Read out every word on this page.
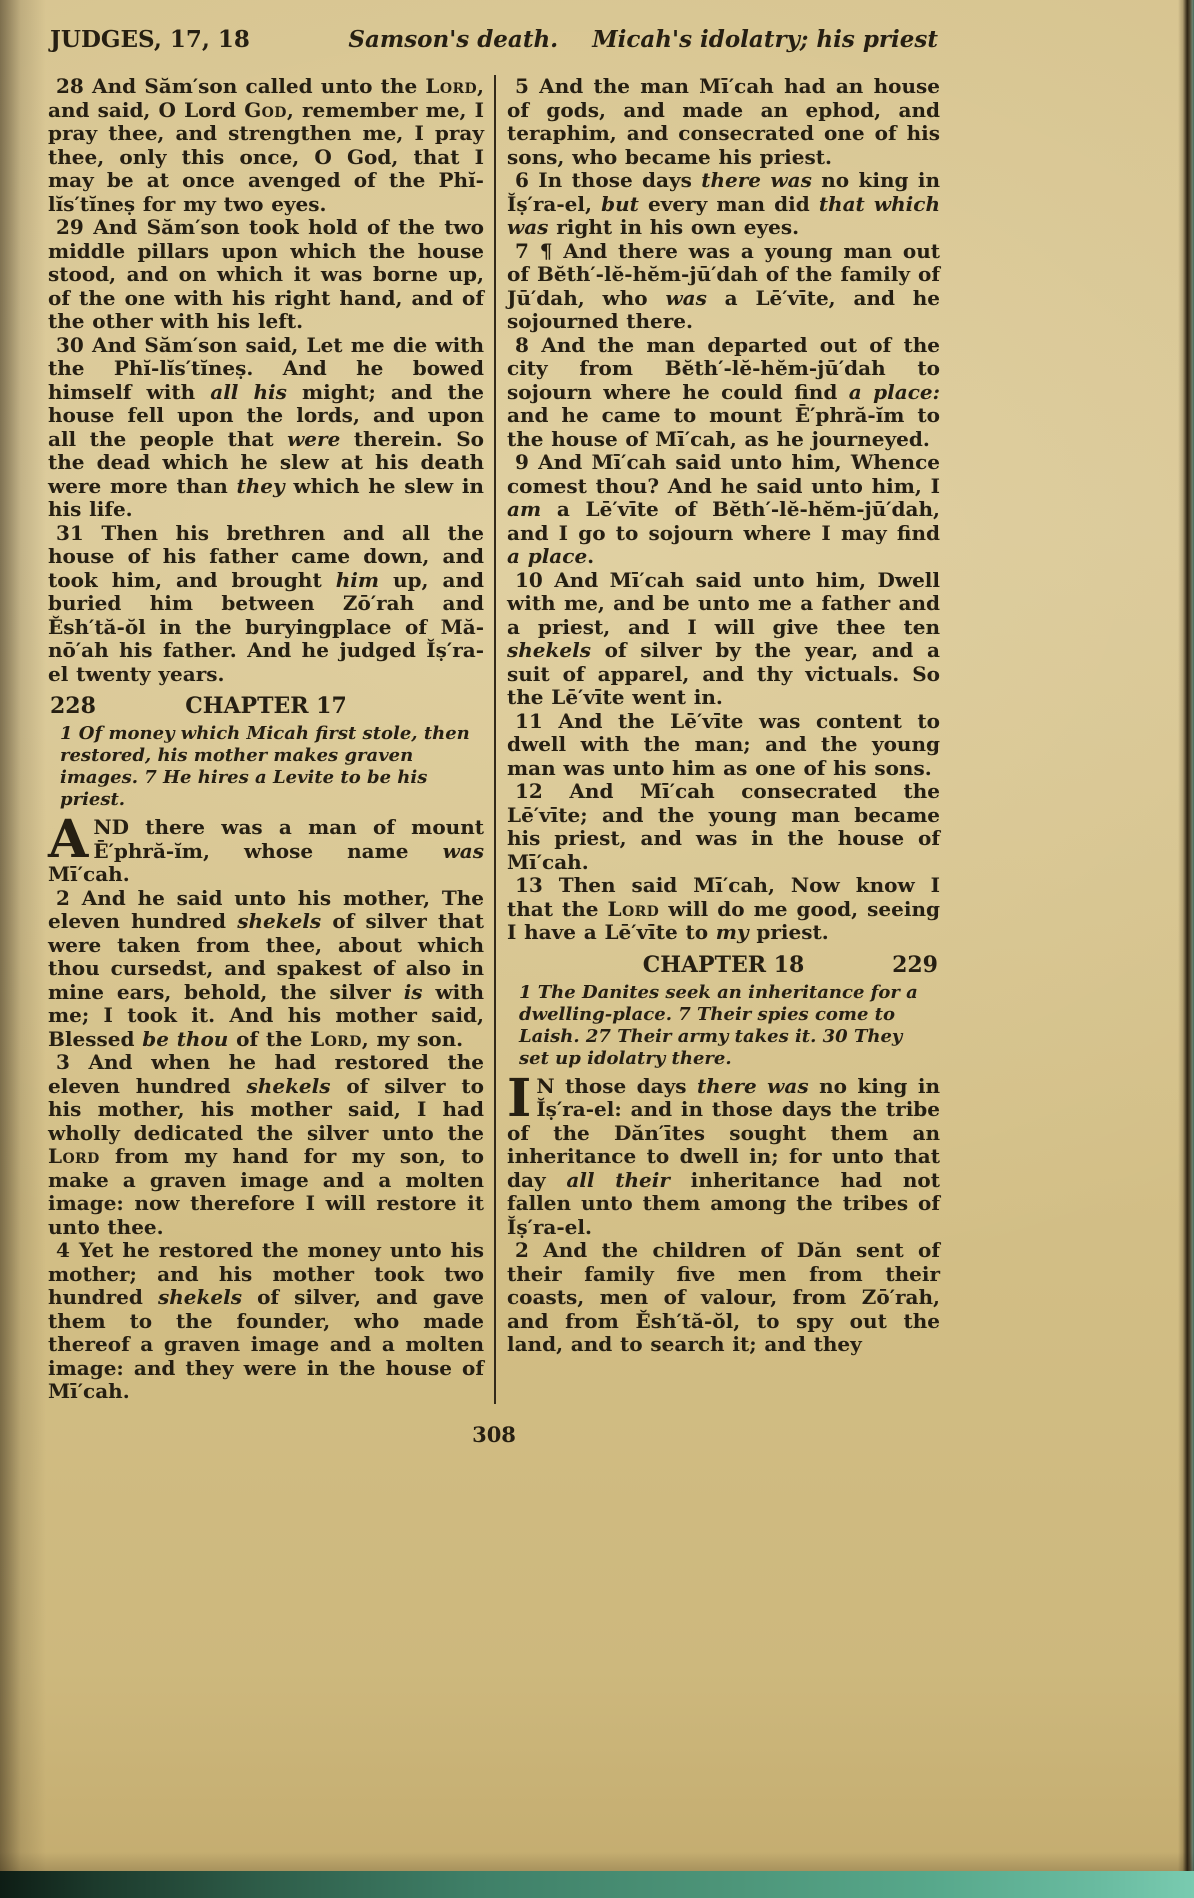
JUDGES, 17, 18	Samson's death. Micah's idolatry; his priest

28 And Săm′son called unto the Lord, and said, O Lord God, remember me, I pray thee, and strengthen me, I pray thee, only this once, O God, that I may be at once avenged of the Phĭ-lĭs′tĭneṣ for my two eyes.

29 And Săm′son took hold of the two middle pillars upon which the house stood, and on which it was borne up, of the one with his right hand, and of the other with his left.

30 And Săm′son said, Let me die with the Phĭ-lĭs′tĭneṣ. And he bowed himself with all his might; and the house fell upon the lords, and upon all the people that were therein. So the dead which he slew at his death were more than they which he slew in his life.

31 Then his brethren and all the house of his father came down, and took him, and brought him up, and buried him between Zō′rah and Ĕsh′tă-ŏl in the buryingplace of Mă-nō′ah his father. And he judged Ĭṣ′ra-el twenty years.

228	CHAPTER 17

1 Of money which Micah first stole, then restored, his mother makes graven images. 7 He hires a Levite to be his priest.

AND there was a man of mount Ē′phră-ĭm, whose name was Mī′cah.

2 And he said unto his mother, The eleven hundred shekels of silver that were taken from thee, about which thou cursedst, and spakest of also in mine ears, behold, the silver is with me; I took it. And his mother said, Blessed be thou of the Lord, my son.

3 And when he had restored the eleven hundred shekels of silver to his mother, his mother said, I had wholly dedicated the silver unto the Lord from my hand for my son, to make a graven image and a molten image: now therefore I will restore it unto thee.

4 Yet he restored the money unto his mother; and his mother took two hundred shekels of silver, and gave them to the founder, who made thereof a graven image and a molten image: and they were in the house of Mī′cah.

5 And the man Mī′cah had an house of gods, and made an ephod, and teraphim, and consecrated one of his sons, who became his priest.

6 In those days there was no king in Ĭṣ′ra-el, but every man did that which was right in his own eyes.

7 ¶ And there was a young man out of Bĕth′-lĕ-hĕm-jū′dah of the family of Jū′dah, who was a Lē′vīte, and he sojourned there.

8 And the man departed out of the city from Bĕth′-lĕ-hĕm-jū′dah to sojourn where he could find a place: and he came to mount Ē′phră-ĭm to the house of Mī′cah, as he journeyed.

9 And Mī′cah said unto him, Whence comest thou? And he said unto him, I am a Lē′vīte of Bĕth′-lĕ-hĕm-jū′dah, and I go to sojourn where I may find a place.

10 And Mī′cah said unto him, Dwell with me, and be unto me a father and a priest, and I will give thee ten shekels of silver by the year, and a suit of apparel, and thy victuals. So the Lē′vīte went in.

11 And the Lē′vīte was content to dwell with the man; and the young man was unto him as one of his sons.

12 And Mī′cah consecrated the Lē′vīte; and the young man became his priest, and was in the house of Mī′cah.

13 Then said Mī′cah, Now know I that the Lord will do me good, seeing I have a Lē′vīte to my priest.

CHAPTER 18	229

1 The Danites seek an inheritance for a dwelling-place. 7 Their spies come to Laish. 27 Their army takes it. 30 They set up idolatry there.

I N those days there was no king in Ĭṣ′ra-el: and in those days the tribe of the Dăn′ītes sought them an inheritance to dwell in; for unto that day all their inheritance had not fallen unto them among the tribes of Ĭṣ′ra-el.

2 And the children of Dăn sent of their family five men from their coasts, men of valour, from Zō′rah, and from Ĕsh′tă-ŏl, to spy out the land, and to search it; and they

308
